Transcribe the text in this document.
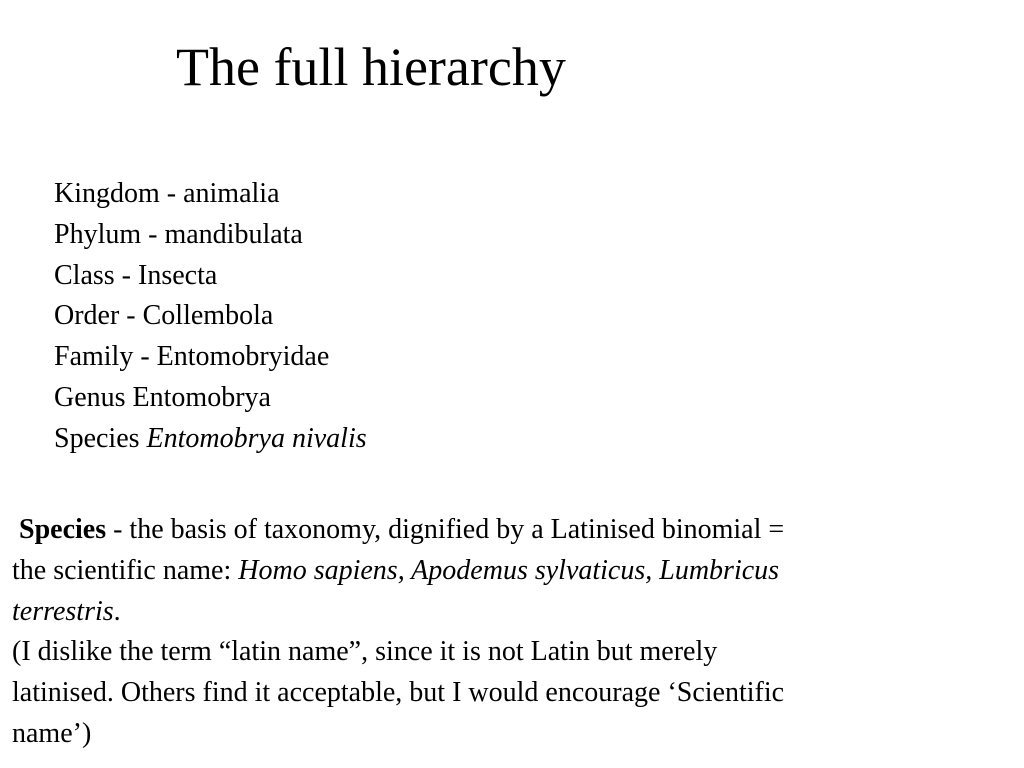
The full hierarchy
Kingdom - animalia
Phylum - mandibulata
Class - Insecta
Order - Collembola
Family - Entomobryidae
Genus Entomobrya
Species Entomobrya nivalis

Species - the basis of taxonomy, dignified by a Latinised binomial =
the scientific name: Homo sapiens, Apodemus sylvaticus, Lumbricus
terrestris.
(I dislike the term “latin name”, since it is not Latin but merely
latinised. Others find it acceptable, but I would encourage ‘Scientific
name’)
